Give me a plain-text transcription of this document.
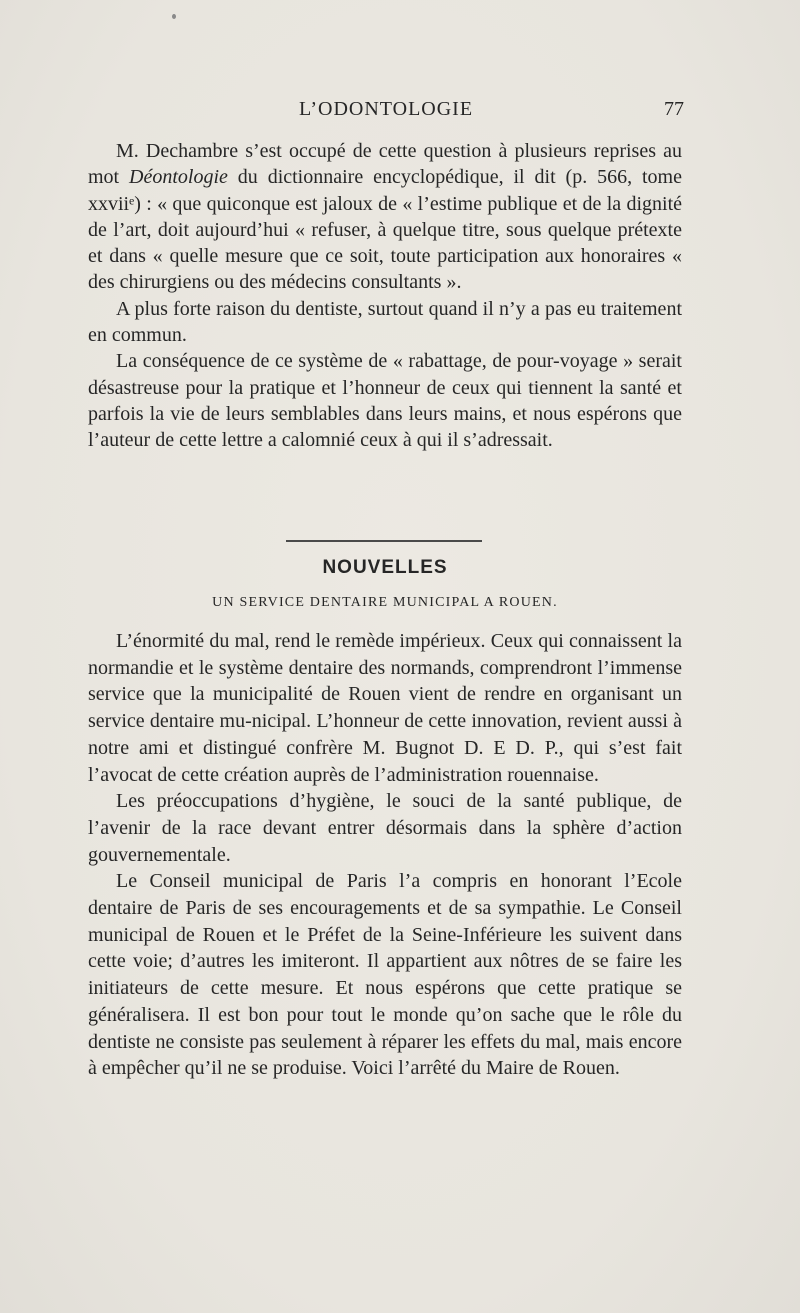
L’ODONTOLOGIE	77

M. Dechambre s’est occupé de cette question à plusieurs reprises au mot Déontologie du dictionnaire encyclopédique, il dit (p. 566, tome xxviiᵉ) : « que quiconque est jaloux de « l’estime publique et de la dignité de l’art, doit aujourd’hui « refuser, à quelque titre, sous quelque prétexte et dans « quelle mesure que ce soit, toute participation aux honoraires « des chirurgiens ou des médecins consultants ».

A plus forte raison du dentiste, surtout quand il n’y a pas eu traitement en commun.

La conséquence de ce système de « rabattage, de pour-voyage » serait désastreuse pour la pratique et l’honneur de ceux qui tiennent la santé et parfois la vie de leurs semblables dans leurs mains, et nous espérons que l’auteur de cette lettre a calomnié ceux à qui il s’adressait.

NOUVELLES
UN SERVICE DENTAIRE MUNICIPAL A ROUEN.

L’énormité du mal, rend le remède impérieux. Ceux qui connaissent la normandie et le système dentaire des normands, comprendront l’immense service que la municipalité de Rouen vient de rendre en organisant un service dentaire mu-nicipal. L’honneur de cette innovation, revient aussi à notre ami et distingué confrère M. Bugnot D. E D. P., qui s’est fait l’avocat de cette création auprès de l’administration rouennaise.

Les préoccupations d’hygiène, le souci de la santé publique, de l’avenir de la race devant entrer désormais dans la sphère d’action gouvernementale.

Le Conseil municipal de Paris l’a compris en honorant l’Ecole dentaire de Paris de ses encouragements et de sa sympathie. Le Conseil municipal de Rouen et le Préfet de la Seine-Inférieure les suivent dans cette voie; d’autres les imiteront. Il appartient aux nôtres de se faire les initiateurs de cette mesure. Et nous espérons que cette pratique se généralisera. Il est bon pour tout le monde qu’on sache que le rôle du dentiste ne consiste pas seulement à réparer les effets du mal, mais encore à empêcher qu’il ne se produise. Voici l’arrêté du Maire de Rouen.
